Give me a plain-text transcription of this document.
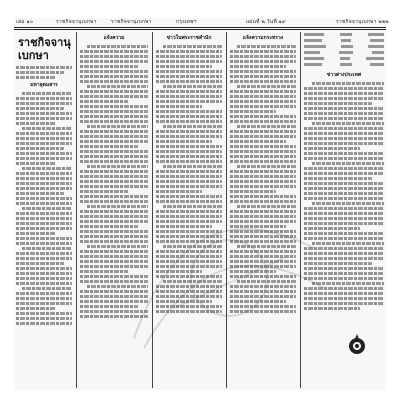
เล่ม ๑๐	ราชกิจจานุเบกษา	ราชกิจจานุเบกษา	กรุงเทพฯ	แผ่นที่ ๒ วันที่ ๑๙	ราชกิจจานุเบกษา ๒๒๒
ราชกิจจานุเบกษา
มหาอุดมสาร
แจ้งความ	ข่าวในพระราชสำนัก	แจ้งความกระทรวง
ข่าวต่างประเทศ
